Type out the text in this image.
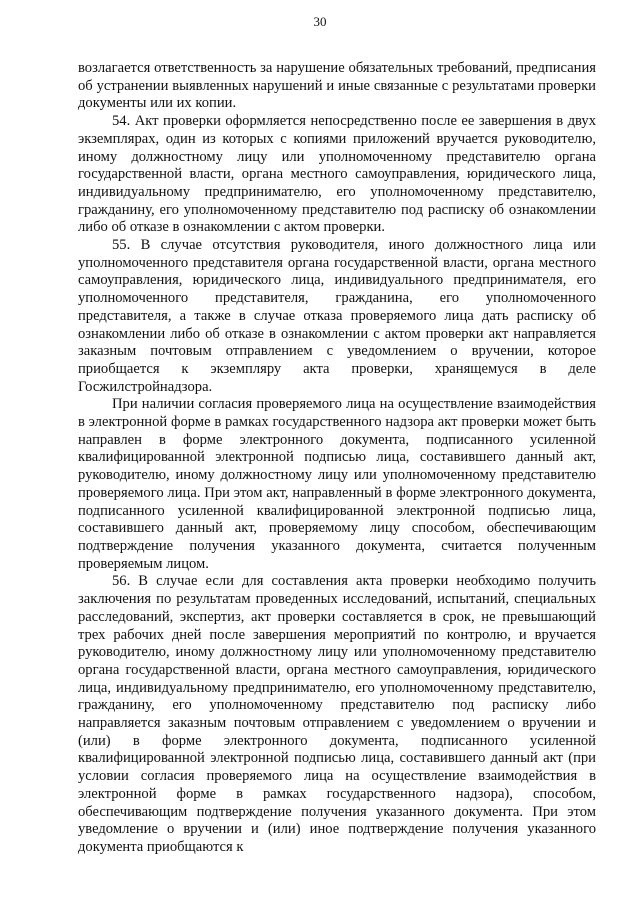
30

возлагается ответственность за нарушение обязательных требований, предписания об устранении выявленных нарушений и иные связанные с результатами проверки документы или их копии.

54. Акт проверки оформляется непосредственно после ее завершения в двух экземплярах, один из которых с копиями приложений вручается руководителю, иному должностному лицу или уполномоченному представителю органа государственной власти, органа местного самоуправления, юридического лица, индивидуальному предпринимателю, его уполномоченному представителю, гражданину, его уполномоченному представителю под расписку об ознакомлении либо об отказе в ознакомлении с актом проверки.

55. В случае отсутствия руководителя, иного должностного лица или уполномоченного представителя органа государственной власти, органа местного самоуправления, юридического лица, индивидуального предпринимателя, его уполномоченного представителя, гражданина, его уполномоченного представителя, а также в случае отказа проверяемого лица дать расписку об ознакомлении либо об отказе в ознакомлении с актом проверки акт направляется заказным почтовым отправлением с уведомлением о вручении, которое приобщается к экземпляру акта проверки, хранящемуся в деле Госжилстройнадзора.

При наличии согласия проверяемого лица на осуществление взаимодействия в электронной форме в рамках государственного надзора акт проверки может быть направлен в форме электронного документа, подписанного усиленной квалифицированной электронной подписью лица, составившего данный акт, руководителю, иному должностному лицу или уполномоченному представителю проверяемого лица. При этом акт, направленный в форме электронного документа, подписанного усиленной квалифицированной электронной подписью лица, составившего данный акт, проверяемому лицу способом, обеспечивающим подтверждение получения указанного документа, считается полученным проверяемым лицом.

56. В случае если для составления акта проверки необходимо получить заключения по результатам проведенных исследований, испытаний, специальных расследований, экспертиз, акт проверки составляется в срок, не превышающий трех рабочих дней после завершения мероприятий по контролю, и вручается руководителю, иному должностному лицу или уполномоченному представителю органа государственной власти, органа местного самоуправления, юридического лица, индивидуальному предпринимателю, его уполномоченному представителю, гражданину, его уполномоченному представителю под расписку либо направляется заказным почтовым отправлением с уведомлением о вручении и (или) в форме электронного документа, подписанного усиленной квалифицированной электронной подписью лица, составившего данный акт (при условии согласия проверяемого лица на осуществление взаимодействия в электронной форме в рамках государственного надзора), способом, обеспечивающим подтверждение получения указанного документа. При этом уведомление о вручении и (или) иное подтверждение получения указанного документа приобщаются к
